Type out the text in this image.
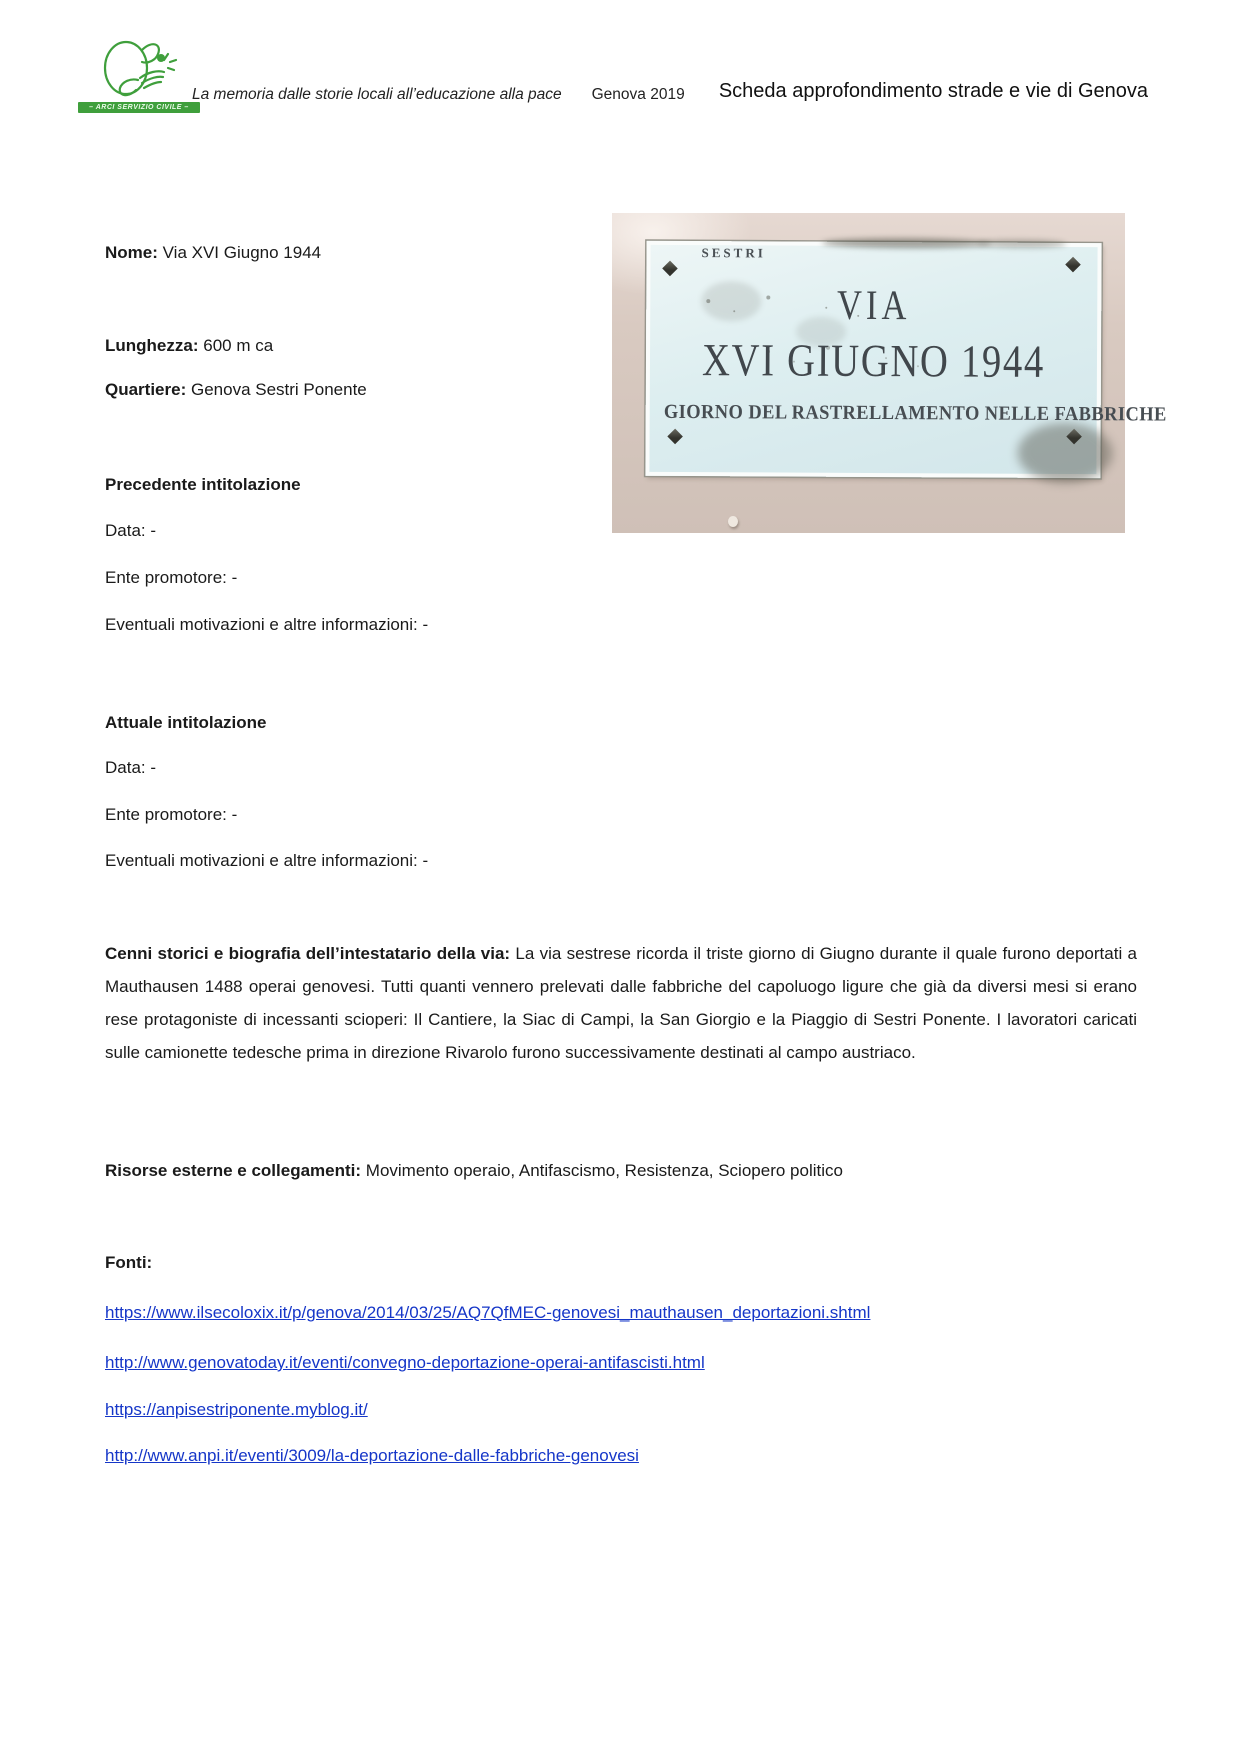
– ARCI SERVIZIO CIVILE –
La memoria dalle storie locali all’educazione alla pace Genova 2019 Scheda approfondimento strade e vie di Genova
SESTRI
VIA
XVI GIUGNO 1944
GIORNO DEL RASTRELLAMENTO NELLE FABBRICHE
Nome: Via XVI Giugno 1944
Lunghezza: 600 m ca
Quartiere: Genova Sestri Ponente
Precedente intitolazione
Data: -
Ente promotore: -
Eventuali motivazioni e altre informazioni: -
Attuale intitolazione
Data: -
Ente promotore: -
Eventuali motivazioni e altre informazioni: -
Cenni storici e biografia dell’intestatario della via: La via sestrese ricorda il triste giorno di Giugno durante il quale furono deportati a Mauthausen 1488 operai genovesi. Tutti quanti vennero prelevati dalle fabbriche del capoluogo ligure che già da diversi mesi si erano rese protagoniste di incessanti scioperi: Il Cantiere, la Siac di Campi, la San Giorgio e la Piaggio di Sestri Ponente. I lavoratori caricati sulle camionette tedesche prima in direzione Rivarolo furono successivamente destinati al campo austriaco.
Risorse esterne e collegamenti: Movimento operaio, Antifascismo, Resistenza, Sciopero politico
Fonti:

https://www.ilsecoloxix.it/p/genova/2014/03/25/AQ7QfMEC-genovesi_mauthausen_deportazioni.shtml

http://www.genovatoday.it/eventi/convegno-deportazione-operai-antifascisti.html

https://anpisestriponente.myblog.it/

http://www.anpi.it/eventi/3009/la-deportazione-dalle-fabbriche-genovesi
